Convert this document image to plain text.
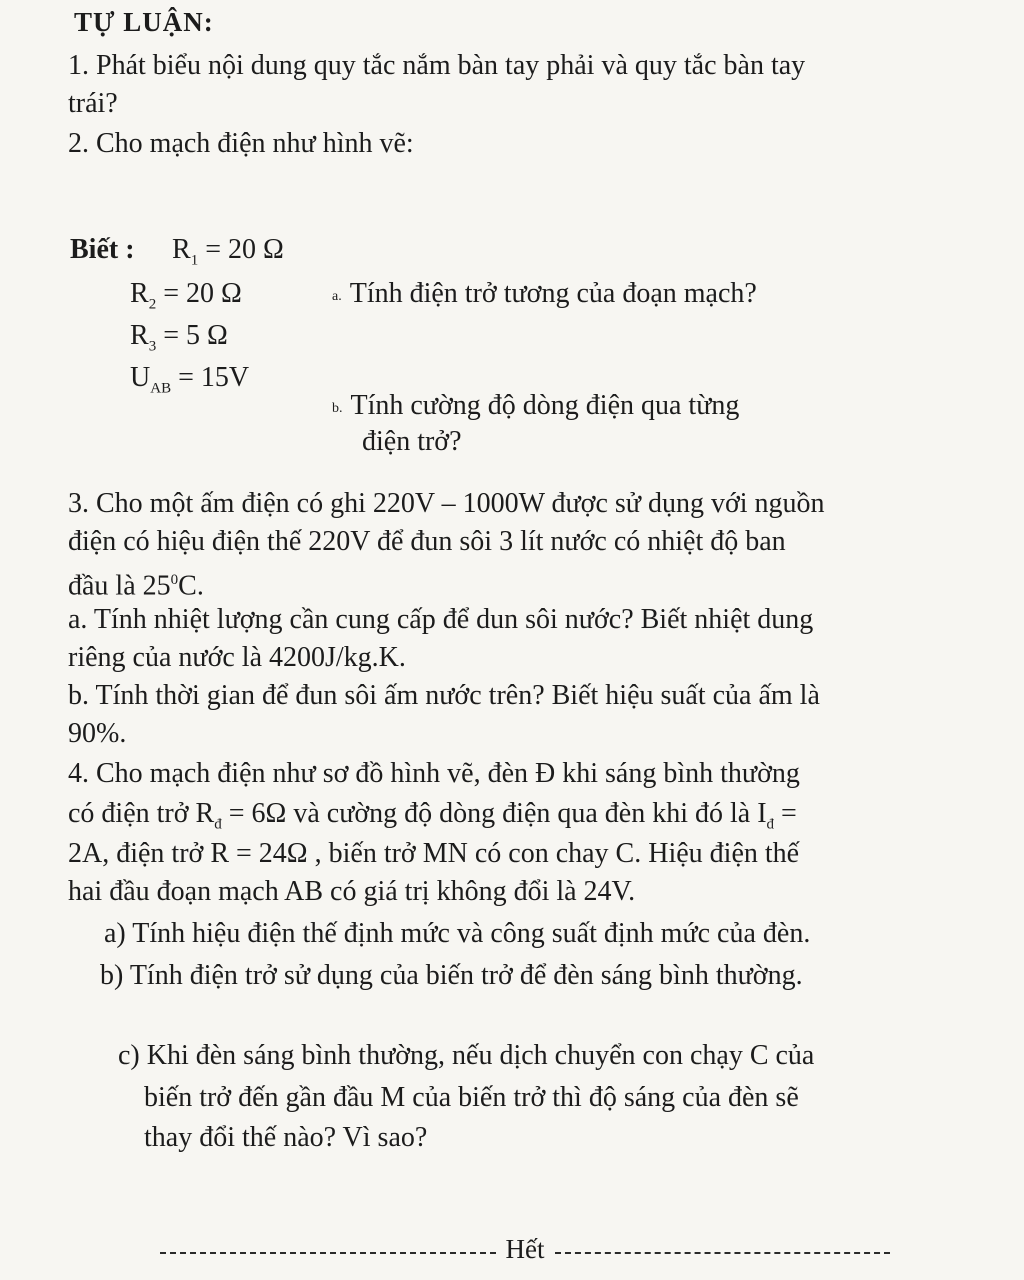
TỰ LUẬN:
1. Phát biểu nội dung quy tắc nắm bàn tay phải và quy tắc bàn tay
trái?
2. Cho mạch điện như hình vẽ:
Biết : $R_1 = 20$ Ω
$R_2 = 20$ Ω
$R_3 = 5$ Ω
$U_{AB} = 15V$
a. Tính điện trở tương của đoạn mạch?
b. Tính cường độ dòng điện qua từng
điện trở?
3. Cho một ấm điện có ghi 220V – 1000W được sử dụng với nguồn
điện có hiệu điện thế 220V để đun sôi 3 lít nước có nhiệt độ ban
đầu là $25^0C$.
a. Tính nhiệt lượng cần cung cấp để dun sôi nước? Biết nhiệt dung
riêng của nước là 4200J/kg.K.
b. Tính thời gian để đun sôi ấm nước trên? Biết hiệu suất của ấm là
90%.
4. Cho mạch điện như sơ đồ hình vẽ, đèn Đ khi sáng bình thường
có điện trở $R_đ = 6\Omega$ và cường độ dòng điện qua đèn khi đó là $I_đ$ =
2A, điện trở R = 24Ω , biến trở MN có con chay C. Hiệu điện thế
hai đầu đoạn mạch AB có giá trị không đổi là 24V.
a) Tính hiệu điện thế định mức và công suất định mức của đèn.
b) Tính điện trở sử dụng của biến trở để đèn sáng bình thường.
c) Khi đèn sáng bình thường, nếu dịch chuyển con chạy C của
biến trở đến gần đầu M của biến trở thì độ sáng của đèn sẽ
thay đổi thế nào? Vì sao?
Hết
